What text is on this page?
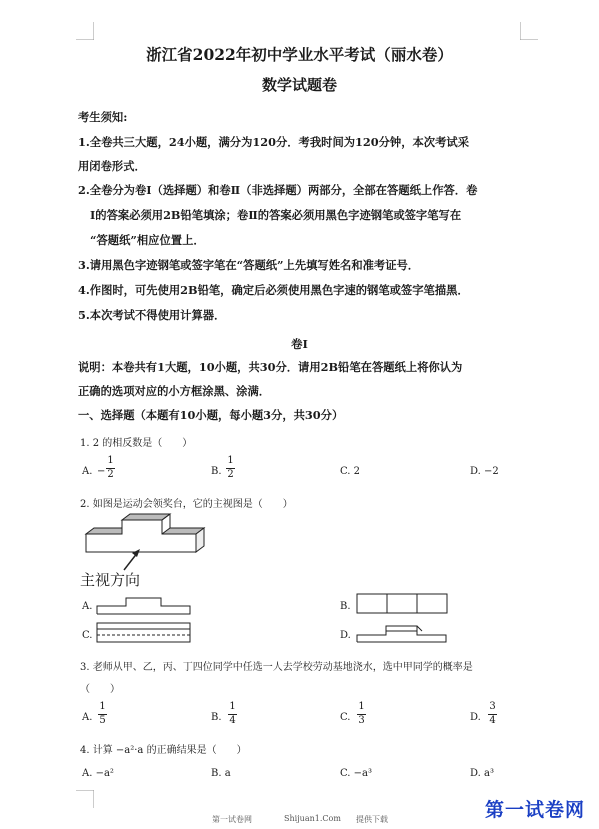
浙江省2022年初中学业水平考试（丽水卷）
数学试题卷
考生须知:
1.全卷共三大题，24小题，满分为120分．考我时间为120分钟，本次考试采
用闭卷形式．
2.全卷分为卷Ⅰ（选择题）和卷Ⅱ（非选择题）两部分，全部在答题纸上作答．卷
Ⅰ的答案必须用2B铅笔填涂；卷Ⅱ的答案必须用黑色字迹钢笔或签字笔写在
“答题纸”相应位置上．
3.请用黑色字迹钢笔或签字笔在“答题纸”上先填写姓名和准考证号．
4.作图时，可先使用2B铅笔，确定后必须使用黑色字速的钢笔或签字笔描黑．
5.本次考试不得使用计算器．
卷Ⅰ
说明：本卷共有1大题，10小题，共30分．请用2B铅笔在答题纸上将你认为
正确的选项对应的小方框涂黑、涂满．
一、选择题（本题有10小题，每小题3分，共30分）
1. 2 的相反数是（　　）
A. −
1
2	B.
1
2	C. 2	D. −2
2. 如图是运动会领奖台，它的主视图是（　　）
主视方向
A.	B.
C.	D.
3. 老师从甲、乙，丙、丁四位同学中任选一人去学校劳动基地浇水，选中甲同学的概率是
（　　）
A.
1
5	B.
1
4	C.
1
3	D.
3
4
4. 计算 −a²·a 的正确结果是（　　）
A. −a²	B. a	C. −a³	D. a³
第一试卷网	Shijuan1.Com 提供下载	第一试卷网
